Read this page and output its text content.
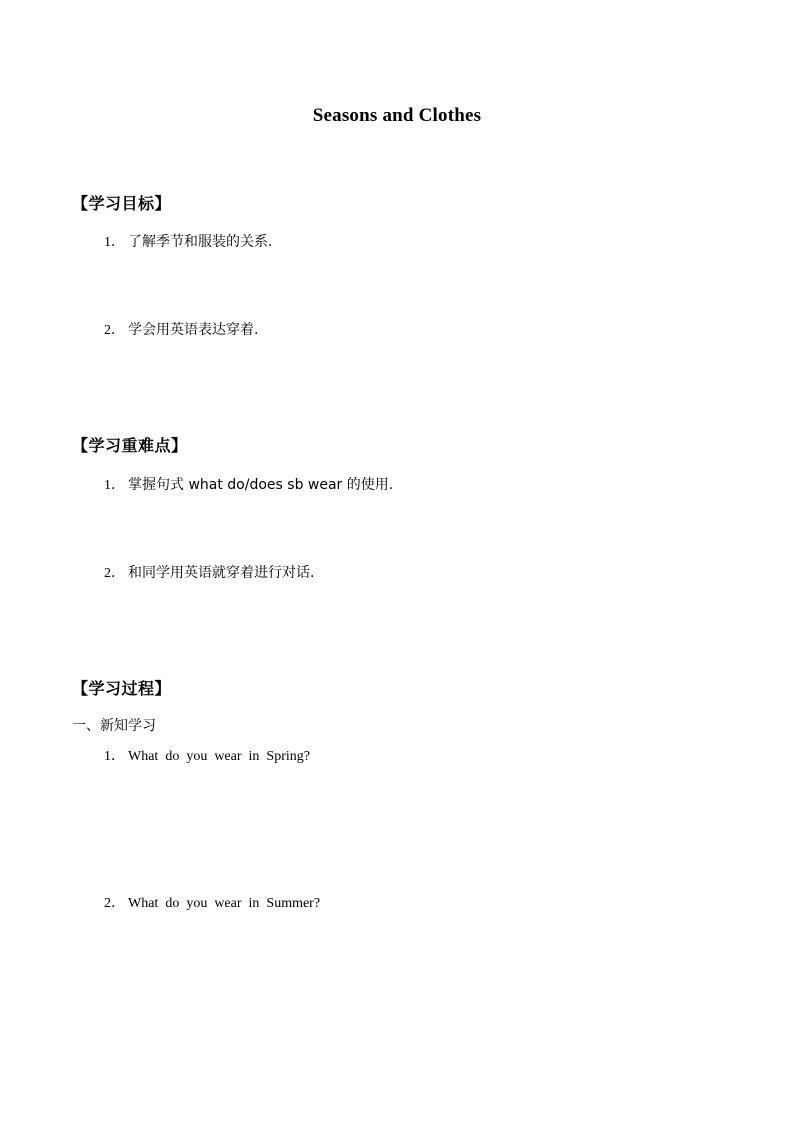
Seasons and Clothes
【学习目标】
1． 了解季节和服装的关系.
2． 学会用英语表达穿着.
【学习重难点】
1． 掌握句式 what do/does sb wear 的使用.
2． 和同学用英语就穿着进行对话.
【学习过程】
一、新知学习
1． What  do  you  wear  in  Spring?
2． What  do  you  wear  in  Summer?
